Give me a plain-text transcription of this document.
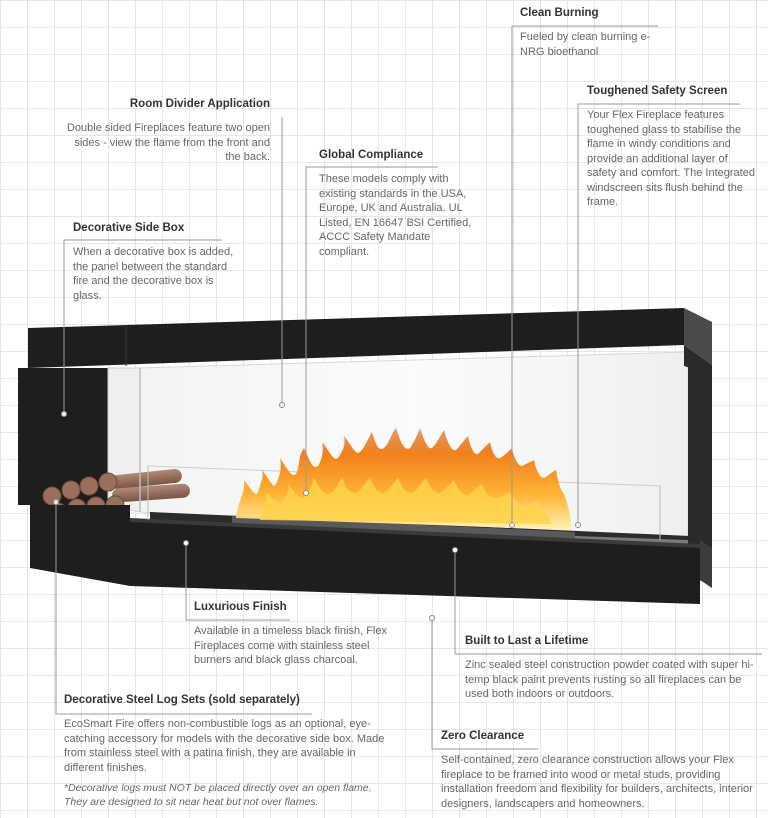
Clean Burning
Fueled by clean burning e-NRG bioethanol
Toughened Safety Screen
Your Flex Fireplace features toughened glass to stabilise the flame in windy conditions and provide an additional layer of safety and comfort. The Integrated windscreen sits flush behind the frame.
Room Divider Application
Double sided Fireplaces feature two open sides - view the flame from the front and the back.	Global Compliance
These models comply with existing standards in the USA, Europe, UK and Australia. UL Listed, EN 16647 BSI Certified, ACCC Safety Mandate compliant.
Decorative Side Box
When a decorative box is added, the panel between the standard fire and the decorative box is glass.
Luxurious Finish
Available in a timeless black finish, Flex Fireplaces come with stainless steel burners and black glass charcoal.
Built to Last a Lifetime
Zinc sealed steel construction powder coated with super hi-temp black paint prevents rusting so all fireplaces can be used both indoors or outdoors.
Decorative Steel Log Sets (sold separately)
EcoSmart Fire offers non-combustible logs as an optional, eye-catching accessory for models with the decorative side box. Made from stainless steel with a patina finish, they are available in different finishes.
*Decorative logs must NOT be placed directly over an open flame. They are designed to sit near heat but not over flames.
Zero Clearance
Self-contained, zero clearance construction allows your Flex fireplace to be framed into wood or metal studs, providing installation freedom and flexibility for builders, architects, interior designers, landscapers and homeowners.
